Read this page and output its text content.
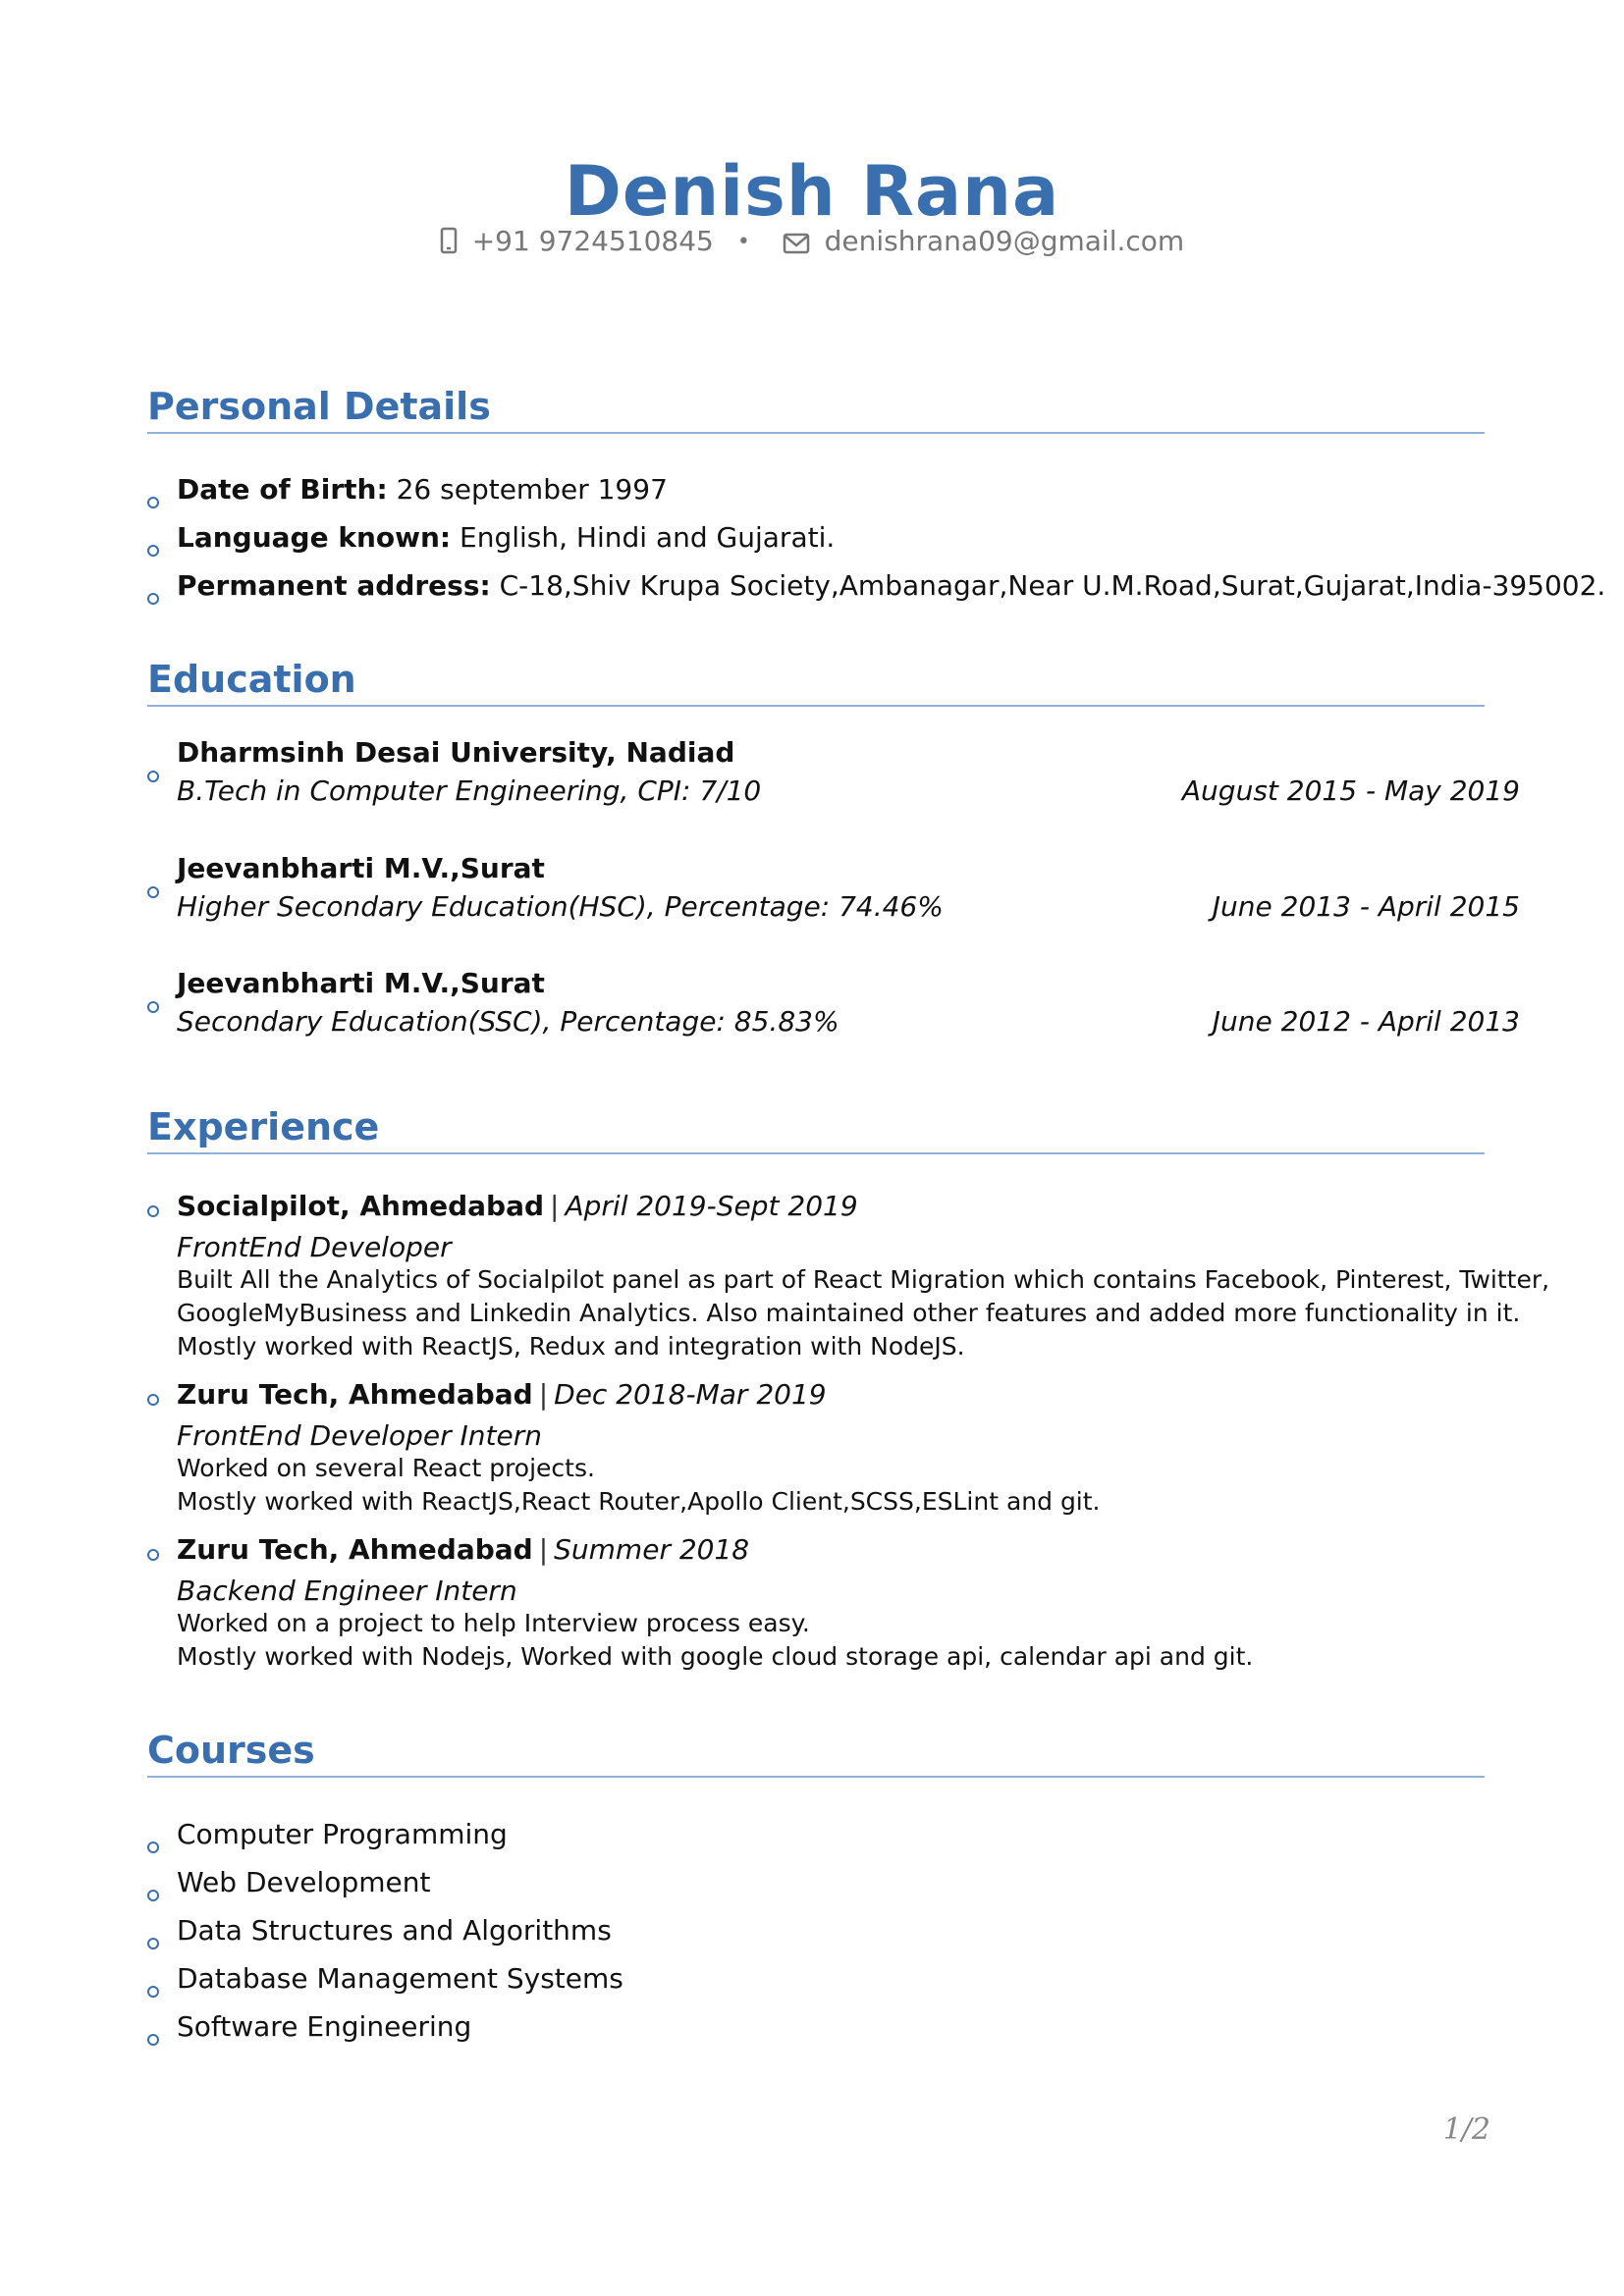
Denish Rana
+91 9724510845 •	denishrana09@gmail.com
Personal Details
Date of Birth: 26 september 1997
Language known: English, Hindi and Gujarati.
Permanent address: C-18,Shiv Krupa Society,Ambanagar,Near U.M.Road,Surat,Gujarat,India-395002.
Education
Dharmsinh Desai University, Nadiad
B.Tech in Computer Engineering, CPI: 7/10	August 2015 - May 2019
Jeevanbharti M.V.,Surat
Higher Secondary Education(HSC), Percentage: 74.46%	June 2013 - April 2015
Jeevanbharti M.V.,Surat
Secondary Education(SSC), Percentage: 85.83%	June 2012 - April 2013
Experience
Socialpilot, Ahmedabad | April 2019-Sept 2019
FrontEnd Developer
Built All the Analytics of Socialpilot panel as part of React Migration which contains Facebook, Pinterest, Twitter,
GoogleMyBusiness and Linkedin Analytics. Also maintained other features and added more functionality in it.
Mostly worked with ReactJS, Redux and integration with NodeJS.
Zuru Tech, Ahmedabad | Dec 2018-Mar 2019
FrontEnd Developer Intern
Worked on several React projects.
Mostly worked with ReactJS,React Router,Apollo Client,SCSS,ESLint and git.
Zuru Tech, Ahmedabad | Summer 2018
Backend Engineer Intern
Worked on a project to help Interview process easy.
Mostly worked with Nodejs, Worked with google cloud storage api, calendar api and git.
Courses
Computer Programming
Web Development
Data Structures and Algorithms
Database Management Systems
Software Engineering
1/2
